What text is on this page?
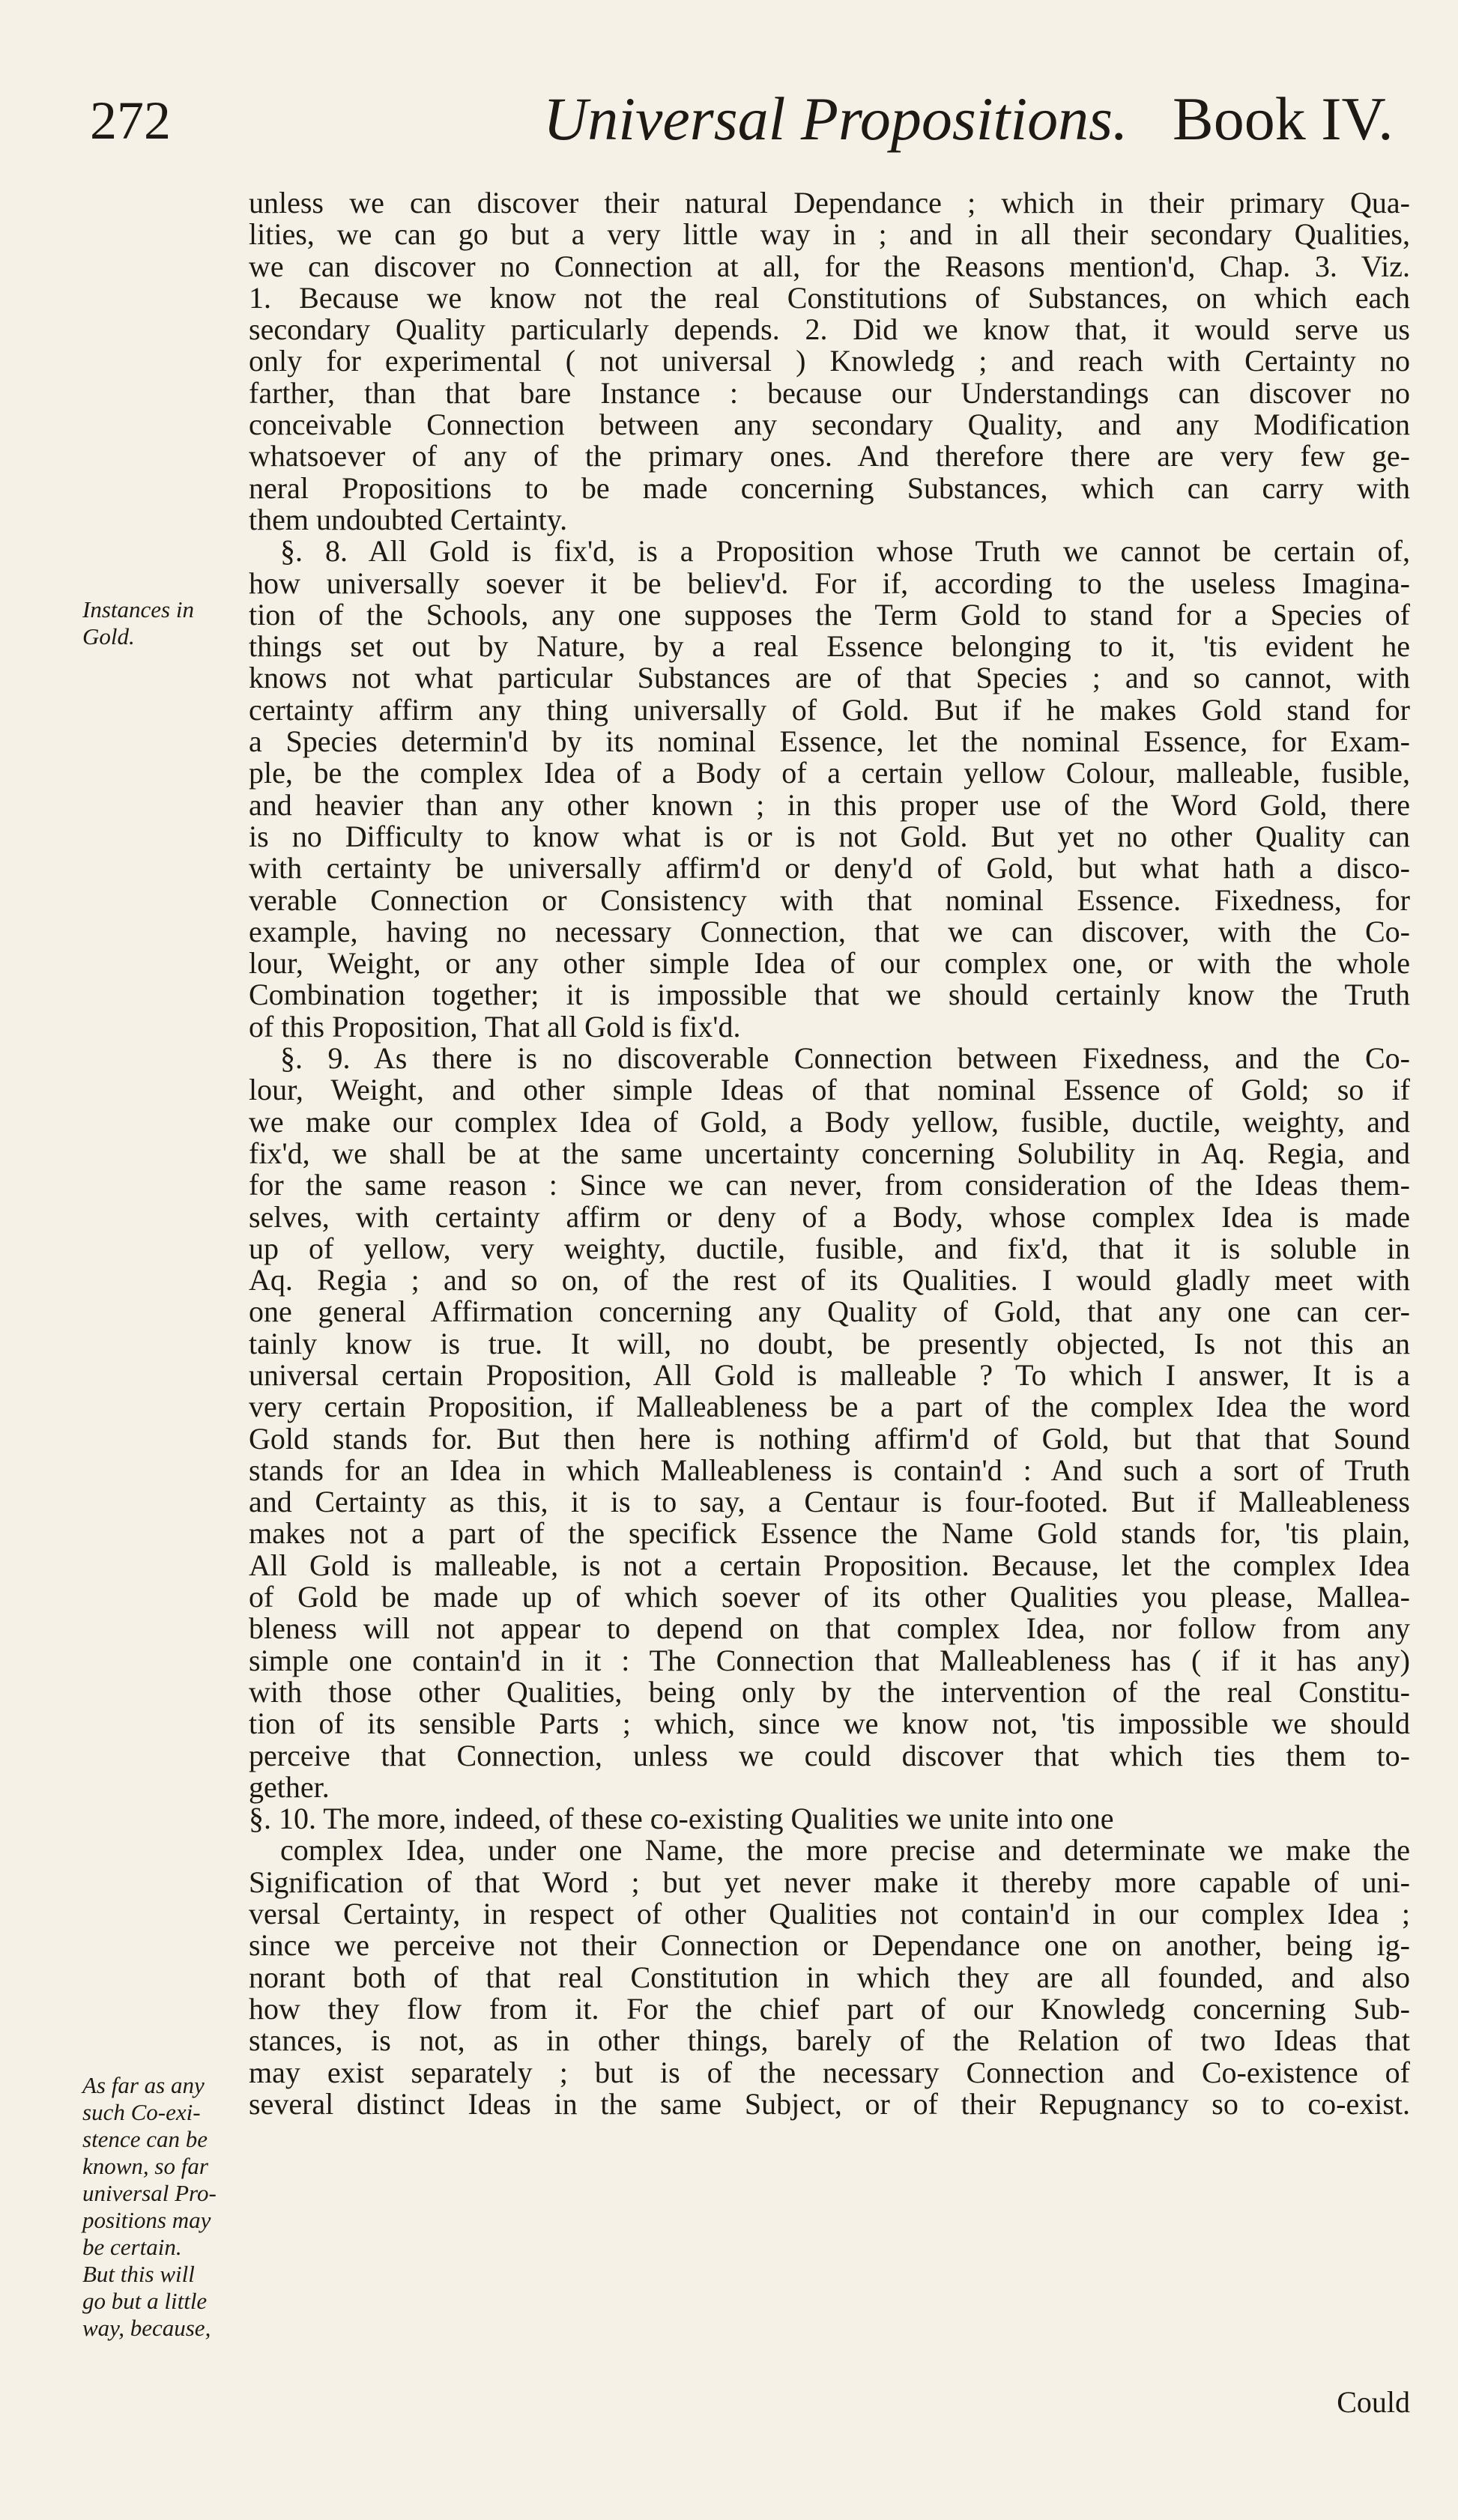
272	Universal Propositions. Book IV.
Instances in
Gold.
As far as any
such Co-exi-
stence can be
known, so far
universal Pro-
positions may
be certain.
But this will
go but a little
way, because,
unless we can discover their natural Dependance ; which in their primary Qua-
lities, we can go but a very little way in ; and in all their secondary Qualities,
we can discover no Connection at all, for the Reasons mention'd, Chap. 3. Viz.
1. Because we know not the real Constitutions of Substances, on which each
secondary Quality particularly depends. 2. Did we know that, it would serve us
only for experimental ( not universal ) Knowledg ; and reach with Certainty no
farther, than that bare Instance : because our Understandings can discover no
conceivable Connection between any secondary Quality, and any Modification
whatsoever of any of the primary ones. And therefore there are very few ge-
neral Propositions to be made concerning Substances, which can carry with
them undoubted Certainty.
§. 8. All Gold is fix'd, is a Proposition whose Truth we cannot be certain of,
how universally soever it be believ'd. For if, according to the useless Imagina-
tion of the Schools, any one supposes the Term Gold to stand for a Species of
things set out by Nature, by a real Essence belonging to it, 'tis evident he
knows not what particular Substances are of that Species ; and so cannot, with
certainty affirm any thing universally of Gold. But if he makes Gold stand for
a Species determin'd by its nominal Essence, let the nominal Essence, for Exam-
ple, be the complex Idea of a Body of a certain yellow Colour, malleable, fusible,
and heavier than any other known ; in this proper use of the Word Gold, there
is no Difficulty to know what is or is not Gold. But yet no other Quality can
with certainty be universally affirm'd or deny'd of Gold, but what hath a disco-
verable Connection or Consistency with that nominal Essence. Fixedness, for
example, having no necessary Connection, that we can discover, with the Co-
lour, Weight, or any other simple Idea of our complex one, or with the whole
Combination together; it is impossible that we should certainly know the Truth
of this Proposition, That all Gold is fix'd.
§. 9. As there is no discoverable Connection between Fixedness, and the Co-
lour, Weight, and other simple Ideas of that nominal Essence of Gold; so if
we make our complex Idea of Gold, a Body yellow, fusible, ductile, weighty, and
fix'd, we shall be at the same uncertainty concerning Solubility in Aq. Regia, and
for the same reason : Since we can never, from consideration of the Ideas them-
selves, with certainty affirm or deny of a Body, whose complex Idea is made
up of yellow, very weighty, ductile, fusible, and fix'd, that it is soluble in
Aq. Regia ; and so on, of the rest of its Qualities. I would gladly meet with
one general Affirmation concerning any Quality of Gold, that any one can cer-
tainly know is true. It will, no doubt, be presently objected, Is not this an
universal certain Proposition, All Gold is malleable ? To which I answer, It is a
very certain Proposition, if Malleableness be a part of the complex Idea the word
Gold stands for. But then here is nothing affirm'd of Gold, but that that Sound
stands for an Idea in which Malleableness is contain'd : And such a sort of Truth
and Certainty as this, it is to say, a Centaur is four-footed. But if Malleableness
makes not a part of the specifick Essence the Name Gold stands for, 'tis plain,
All Gold is malleable, is not a certain Proposition. Because, let the complex Idea
of Gold be made up of which soever of its other Qualities you please, Mallea-
bleness will not appear to depend on that complex Idea, nor follow from any
simple one contain'd in it : The Connection that Malleableness has ( if it has any)
with those other Qualities, being only by the intervention of the real Constitu-
tion of its sensible Parts ; which, since we know not, 'tis impossible we should
perceive that Connection, unless we could discover that which ties them to-
gether.
§. 10. The more, indeed, of these co-existing Qualities we unite into one
complex Idea, under one Name, the more precise and determinate we make the
Signification of that Word ; but yet never make it thereby more capable of uni-
versal Certainty, in respect of other Qualities not contain'd in our complex Idea ;
since we perceive not their Connection or Dependance one on another, being ig-
norant both of that real Constitution in which they are all founded, and also
how they flow from it. For the chief part of our Knowledg concerning Sub-
stances, is not, as in other things, barely of the Relation of two Ideas that
may exist separately ; but is of the necessary Connection and Co-existence of
several distinct Ideas in the same Subject, or of their Repugnancy so to co-exist.
Could
